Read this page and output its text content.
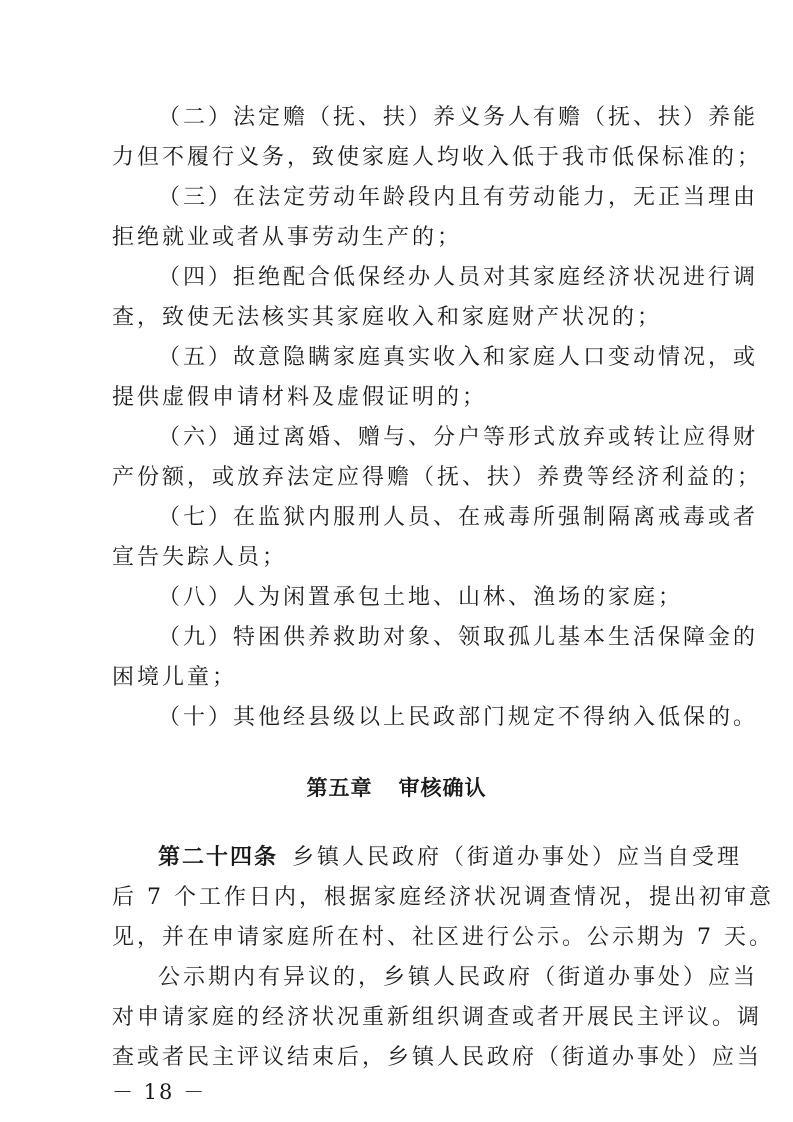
（二）法定赡（抚、扶）养义务人有赡（抚、扶）养能
力但不履行义务，致使家庭人均收入低于我市低保标准的；
（三）在法定劳动年龄段内且有劳动能力，无正当理由
拒绝就业或者从事劳动生产的；
（四）拒绝配合低保经办人员对其家庭经济状况进行调
查，致使无法核实其家庭收入和家庭财产状况的；
（五）故意隐瞒家庭真实收入和家庭人口变动情况，或
提供虚假申请材料及虚假证明的；
（六）通过离婚、赠与、分户等形式放弃或转让应得财
产份额，或放弃法定应得赡（抚、扶）养费等经济利益的；
（七）在监狱内服刑人员、在戒毒所强制隔离戒毒或者
宣告失踪人员；
（八）人为闲置承包土地、山林、渔场的家庭；
（九）特困供养救助对象、领取孤儿基本生活保障金的
困境儿童；
（十）其他经县级以上民政部门规定不得纳入低保的。
第五章 审核确认
第二十四条 乡镇人民政府（街道办事处）应当自受理
后 7 个工作日内，根据家庭经济状况调查情况，提出初审意
见，并在申请家庭所在村、社区进行公示。公示期为 7 天。
公示期内有异议的，乡镇人民政府（街道办事处）应当
对申请家庭的经济状况重新组织调查或者开展民主评议。调
查或者民主评议结束后，乡镇人民政府（街道办事处）应当
－ 18 －
